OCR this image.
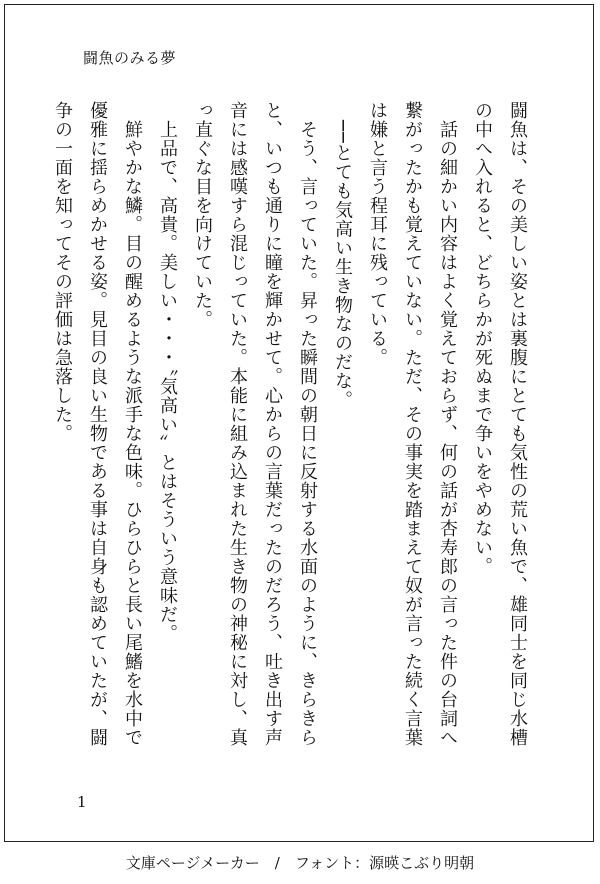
闘魚のみる夢

闘魚は、その美しい姿とは裏腹にとても気性の荒い魚で、雄同士を同じ水槽の中へ入れると、どちらかが死ぬまで争いをやめない。

　話の細かい内容はよく覚えておらず、何の話が杏寿郎の言った件の台詞へ繋がったかも覚えていない。ただ、その事実を踏まえて奴が言った続く言葉は嫌と言う程耳に残っている。

　──とても気高い生き物なのだな。

　そう、言っていた。昇った瞬間の朝日に反射する水面のように、きらきらと、いつも通りに瞳を輝かせて。心からの言葉だったのだろう、吐き出す声音には感嘆すら混じっていた。本能に組み込まれた生き物の神秘に対し、真っ直ぐな目を向けていた。

　上品で、高貴。美しい・・・〝気高い〟とはそういう意味だ。

　鮮やかな鱗。目の醒めるような派手な色味。ひらひらと長い尾鰭を水中で優雅に揺らめかせる姿。見目の良い生物である事は自身も認めていたが、闘争の一面を知ってその評価は急落した。

1
文庫ページメーカー　/　フォント：源暎こぶり明朝
